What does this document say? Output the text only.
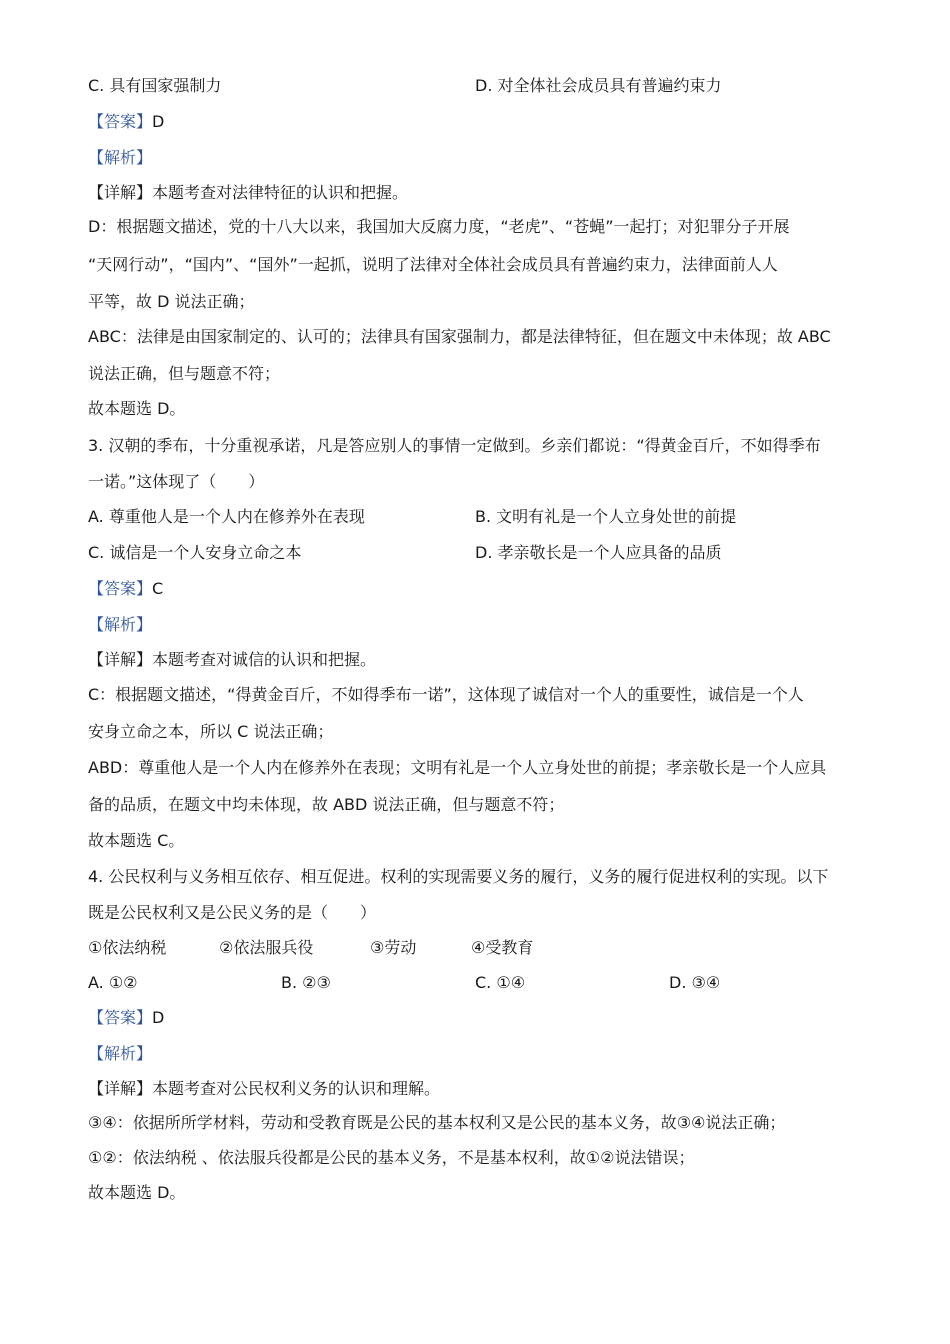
C. 具有国家强制力	D. 对全体社会成员具有普遍约束力
【答案】D
【解析】
【详解】本题考查对法律特征的认识和把握。
D：根据题文描述，党的十八大以来，我国加大反腐力度，“老虎”、“苍蝇”一起打；对犯罪分子开展
“天网行动”，“国内”、“国外”一起抓，说明了法律对全体社会成员具有普遍约束力，法律面前人人
平等，故 D 说法正确；
ABC：法律是由国家制定的、认可的；法律具有国家强制力，都是法律特征，但在题文中未体现；故 ABC
说法正确，但与题意不符；
故本题选 D。
3. 汉朝的季布，十分重视承诺，凡是答应别人的事情一定做到。乡亲们都说：“得黄金百斤，不如得季布
一诺。”这体现了（　　）
A. 尊重他人是一个人内在修养外在表现	B. 文明有礼是一个人立身处世的前提
C. 诚信是一个人安身立命之本	D. 孝亲敬长是一个人应具备的品质
【答案】C
【解析】
【详解】本题考查对诚信的认识和把握。
C：根据题文描述，“得黄金百斤，不如得季布一诺”，这体现了诚信对一个人的重要性，诚信是一个人
安身立命之本，所以 C 说法正确；
ABD：尊重他人是一个人内在修养外在表现；文明有礼是一个人立身处世的前提；孝亲敬长是一个人应具
备的品质，在题文中均未体现，故 ABD 说法正确，但与题意不符；
故本题选 C。
4. 公民权利与义务相互依存、相互促进。权利的实现需要义务的履行，义务的履行促进权利的实现。以下
既是公民权利又是公民义务的是（　　）
①依法纳税	②依法服兵役	③劳动	④受教育
A. ①②	B. ②③	C. ①④	D. ③④
【答案】D
【解析】
【详解】本题考查对公民权利义务的认识和理解。
③④：依据所所学材料，劳动和受教育既是公民的基本权利又是公民的基本义务，故③④说法正确；
①②：依法纳税 、依法服兵役都是公民的基本义务，不是基本权利，故①②说法错误；
故本题选 D。
